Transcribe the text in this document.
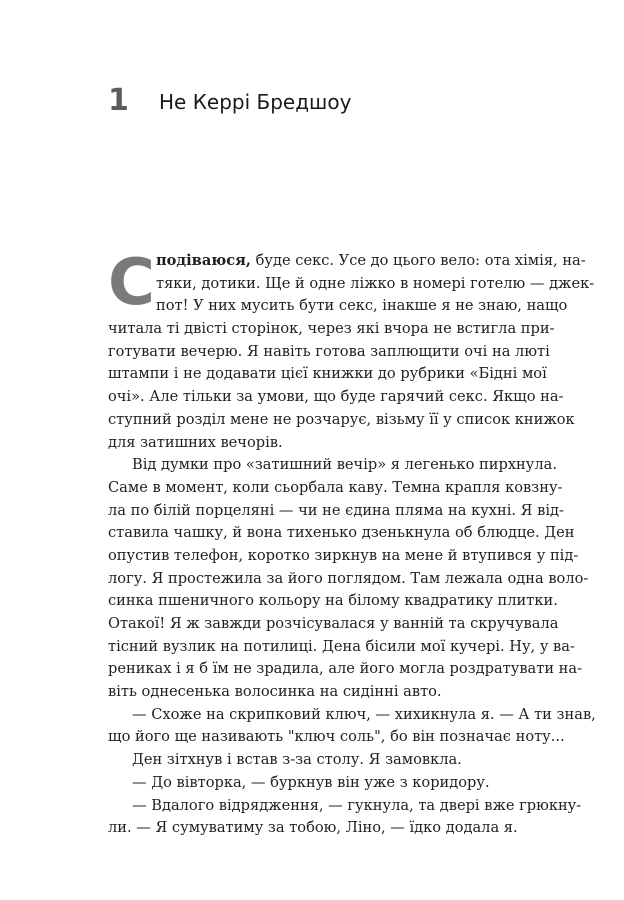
1 Не Керрі Бредшоу
С подіваюся, буде секс. Усе до цього вело: ота хімія, на-
тяки, дотики. Ще й одне ліжко в номері готелю — джек-
пот! У них мусить бути секс, інакше я не знаю, нащо
читала ті двісті сторінок, через які вчора не встигла при-
готувати вечерю. Я навіть готова заплющити очі на люті
штампи і не додавати цієї книжки до рубрики «Бідні мої
очі». Але тільки за умови, що буде гарячий секс. Якщо на-
ступний розділ мене не розчарує, візьму її у список книжок
для затишних вечорів.
Від думки про «затишний вечір» я легенько пирхнула.
Саме в момент, коли сьорбала каву. Темна крапля ковзну-
ла по білій порцеляні — чи не єдина пляма на кухні. Я від-
ставила чашку, й вона тихенько дзенькнула об блюдце. Ден
опустив телефон, коротко зиркнув на мене й втупився у під-
логу. Я простежила за його поглядом. Там лежала одна воло-
синка пшеничного кольору на білому квадратику плитки.
Отакої! Я ж завжди розчісувалася у ванній та скручувала
тісний вузлик на потилиці. Дена бісили мої кучері. Ну, у ва-
рениках і я б їм не зрадила, але його могла роздратувати на-
віть однесенька волосинка на сидінні авто.
— Схоже на скрипковий ключ, — хихикнула я. — А ти знав,
що його ще називають "ключ соль", бо він позначає ноту...
Ден зітхнув і встав з-за столу. Я замовкла.
— До вівторка, — буркнув він уже з коридору.
— Вдалого відрядження, — гукнула, та двері вже грюкну-
ли. — Я сумуватиму за тобою, Ліно, — їдко додала я.
